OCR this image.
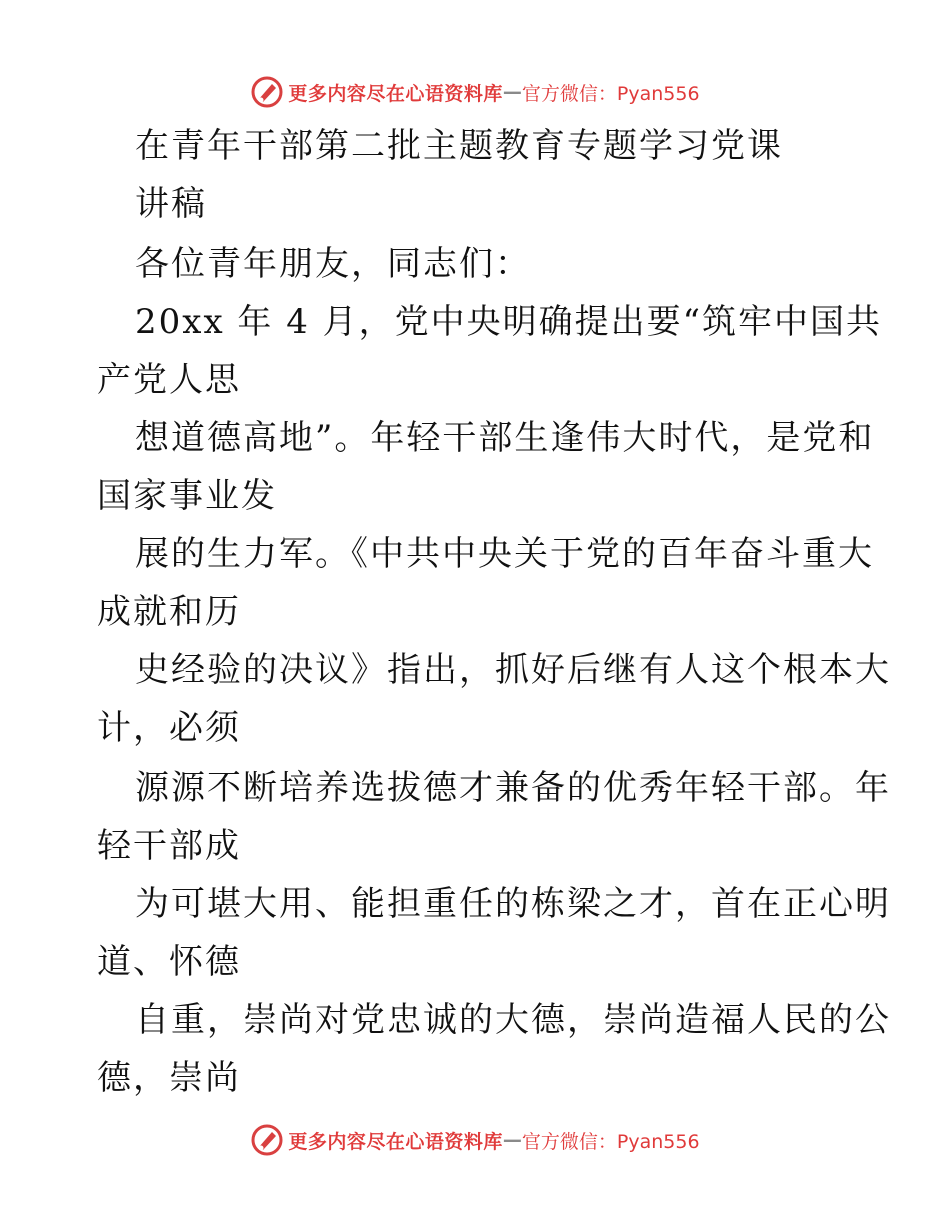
更多内容尽在心语资料库 — 官方微信：Pyan556
在青年干部第二批主题教育专题学习党课
讲稿
各位青年朋友，同志们：
20xx 年 4 月，党中央明确提出要“筑牢中国共
产党人思
想道德高地”。年轻干部生逢伟大时代，是党和
国家事业发
展的生力军。《中共中央关于党的百年奋斗重大
成就和历
史经验的决议》指出，抓好后继有人这个根本大
计，必须
源源不断培养选拔德才兼备的优秀年轻干部。年
轻干部成
为可堪大用、能担重任的栋梁之才，首在正心明
道、怀德
自重，崇尚对党忠诚的大德，崇尚造福人民的公
德，崇尚
更多内容尽在心语资料库 — 官方微信：Pyan556
